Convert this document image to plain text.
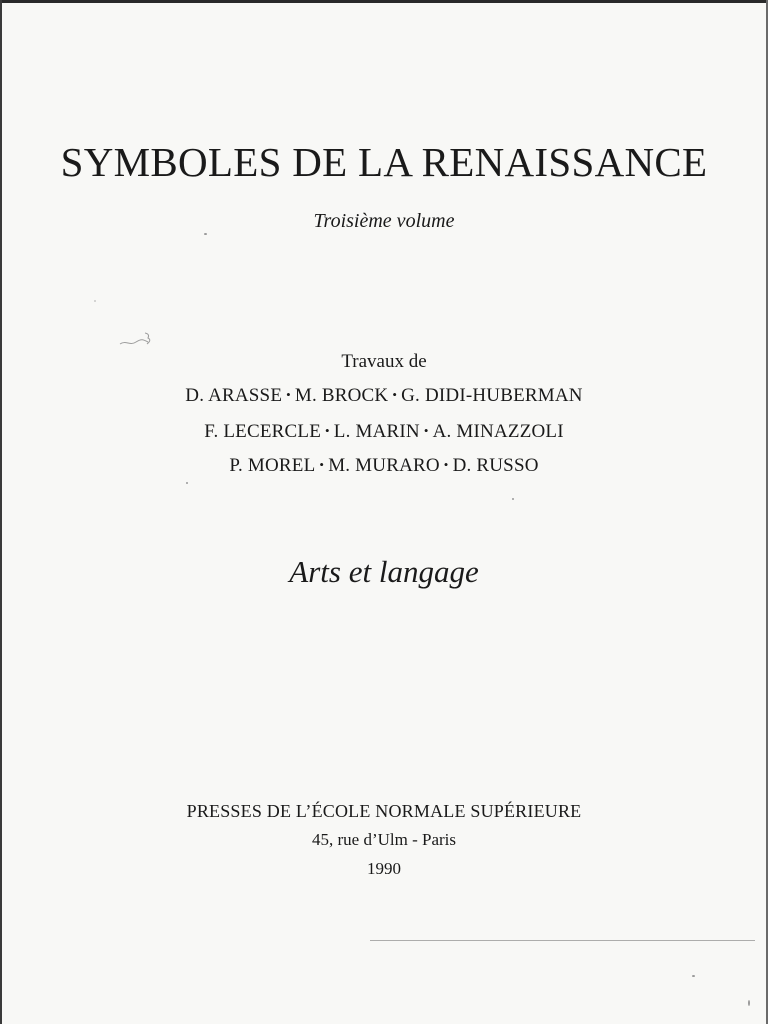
SYMBOLES DE LA RENAISSANCE
Troisième volume
Travaux de
D. ARASSE • M. BROCK • G. DIDI-HUBERMAN
F. LECERCLE • L. MARIN • A. MINAZZOLI
P. MOREL • M. MURARO • D. RUSSO
Arts et langage
PRESSES DE L’ÉCOLE NORMALE SUPÉRIEURE
45, rue d’Ulm - Paris
1990
